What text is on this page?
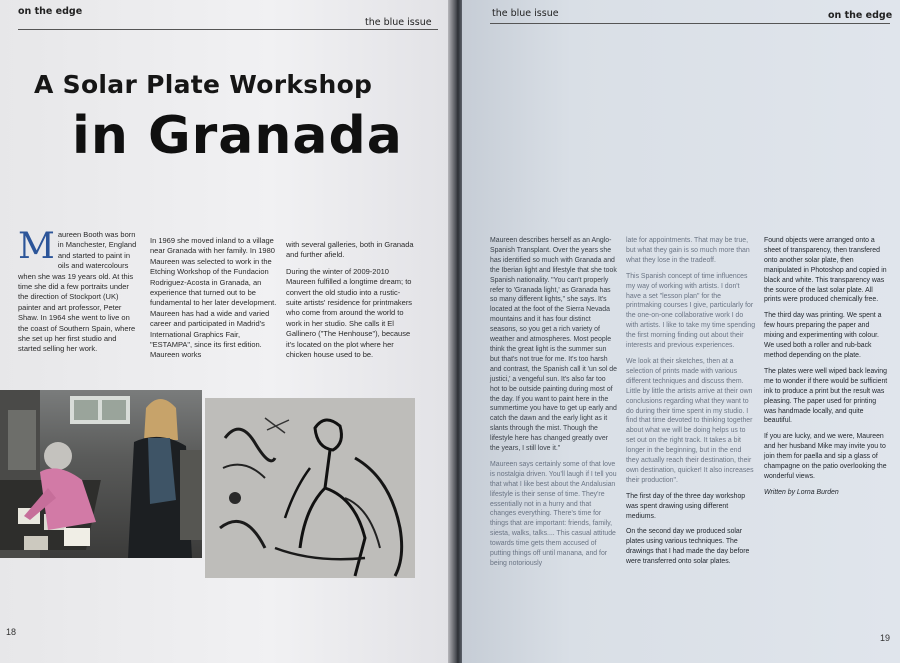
on the edge
the blue issue
A Solar Plate Workshop
in Granada

Maureen Booth was born in Manchester, England and started to paint in oils and watercolours when she was 19 years old. At this time she did a few portraits under the direction of Stockport (UK) painter and art professor, Peter Shaw. In 1964 she went to live on the coast of Southern Spain, where she set up her first studio and started selling her work.

In 1969 she moved inland to a village near Granada with her family. In 1980 Maureen was selected to work in the Etching Workshop of the Fundacion Rodriguez-Acosta in Granada, an experience that turned out to be fundamental to her later development. Maureen has had a wide and varied career and participated in Madrid's International Graphics Fair, "ESTAMPA", since its first edition. Maureen works

with several galleries, both in Granada and further afield.

During the winter of 2009-2010 Maureen fulfilled a longtime dream; to convert the old studio into a rustic-suite artists' residence for printmakers who come from around the world to work in her studio. She calls it El Gallinero ("The Henhouse"), because it's located on the plot where her chicken house used to be.

18
the blue issue	on the edge

Maureen describes herself as an Anglo-Spanish Transplant. Over the years she has identified so much with Granada and the Iberian light and lifestyle that she took Spanish nationality. "You can't properly refer to 'Granada light,' as Granada has so many different lights," she says. It's located at the foot of the Sierra Nevada mountains and it has four distinct seasons, so you get a rich variety of weather and atmospheres. Most people think the great light is the summer sun but that's not true for me. It's too harsh and contrast, the Spanish call it 'un sol de justici,' a vengeful sun. It's also far too hot to be outside painting during most of the day. If you want to paint here in the summertime you have to get up early and catch the dawn and the early light as it slants through the mist. Though the lifestyle here has changed greatly over the years, I still love it."

Maureen says certainly some of that love is nostalgia driven. You'll laugh if I tell you that what I like best about the Andalusian lifestyle is their sense of time. They're essentially not in a hurry and that changes everything. There's time for things that are important: friends, family, siesta, walks, talks.... This casual attitude towards time gets them accused of putting things off until manana, and for being notoriously

late for appointments. That may be true, but what they gain is so much more than what they lose in the tradeoff.

This Spanish concept of time influences my way of working with artists. I don't have a set "lesson plan" for the printmaking courses I give, particularly for the one-on-one collaborative work I do with artists. I like to take my time spending the first morning finding out about their interests and previous experiences.

We look at their sketches, then at a selection of prints made with various different techniques and discuss them. Little by little the artists arrive at their own conclusions regarding what they want to do during their time spent in my studio. I find that time devoted to thinking together about what we will be doing helps us to set out on the right track. It takes a bit longer in the beginning, but in the end they actually reach their destination, their own destination, quicker! It also increases their production".

The first day of the three day workshop was spent drawing using different mediums.

On the second day we produced solar plates using various techniques. The drawings that I had made the day before were transferred onto solar plates.

Found objects were arranged onto a sheet of transparency, then transfered onto another solar plate, then manipulated in Photoshop and copied in black and white. This transparency was the source of the last solar plate. All prints were produced chemically free.

The third day was printing. We spent a few hours preparing the paper and mixing and experimenting with colour. We used both a roller and rub-back method depending on the plate.

The plates were well wiped back leaving me to wonder if there would be sufficient ink to produce a print but the result was pleasing. The paper used for printing was handmade locally, and quite beautiful.

If you are lucky, and we were, Maureen and her husband Mike may invite you to join them for paella and sip a glass of champagne on the patio overlooking the wonderful views.

Written by Lorna Burden

19
